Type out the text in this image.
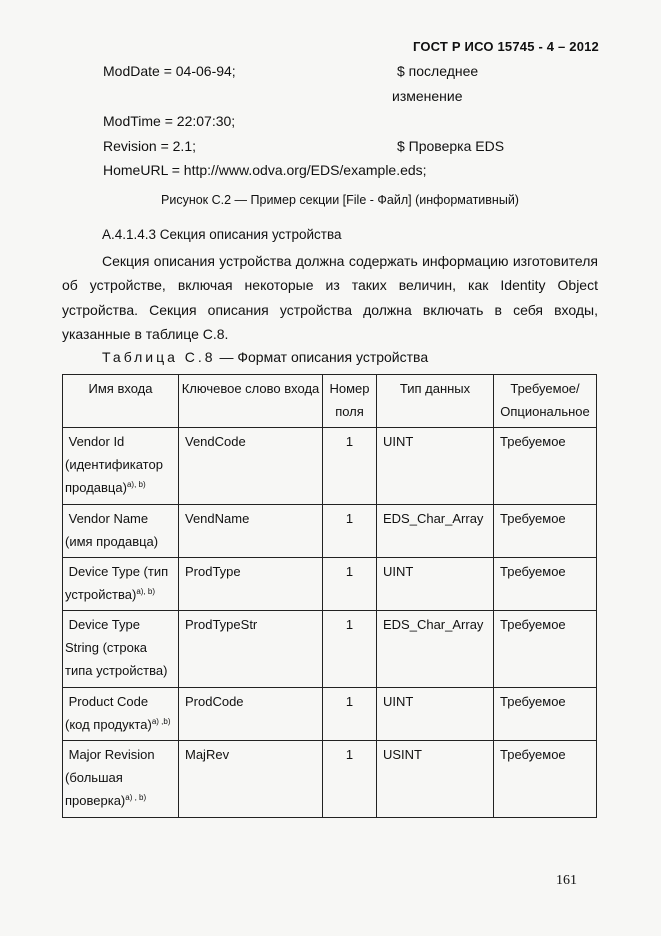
ГОСТ Р ИСО 15745 - 4 – 2012
ModDate = 04-06-94;	$ последнее
изменение
ModTime = 22:07:30;
Revision = 2.1;	$ Проверка EDS
HomeURL = http://www.odva.org/EDS/example.eds;
Рисунок С.2 — Пример секции [File - Файл] (информативный)
А.4.1.4.3 Секция описания устройства
Секция описания устройства должна содержать информацию изготовителя об устройстве, включая некоторые из таких величин, как Identity Object устройства. Секция описания устройства должна включать в себя входы, указанные в таблице С.8.
Таблица С.8 — Формат описания устройства
Имя входа	Ключевое слово входа	Номер поля	Тип данных	Требуемое/ Опциональное
Vendor Id (идентификатор продавца)$^{a), b)}$	VendCode	1	UINT	Требуемое
Vendor Name (имя продавца)	VendName	1	EDS_Char_Array	Требуемое
Device Type (тип устройства)$^{a), b)}$	ProdType	1	UINT	Требуемое
Device Type String (строка типа устройства)	ProdTypeStr	1	EDS_Char_Array	Требуемое
Product Code (код продукта)$^{a) ,b)}$	ProdCode	1	UINT	Требуемое
Major Revision (большая проверка)$^{a) , b)}$	MajRev	1	USINT	Требуемое
161
